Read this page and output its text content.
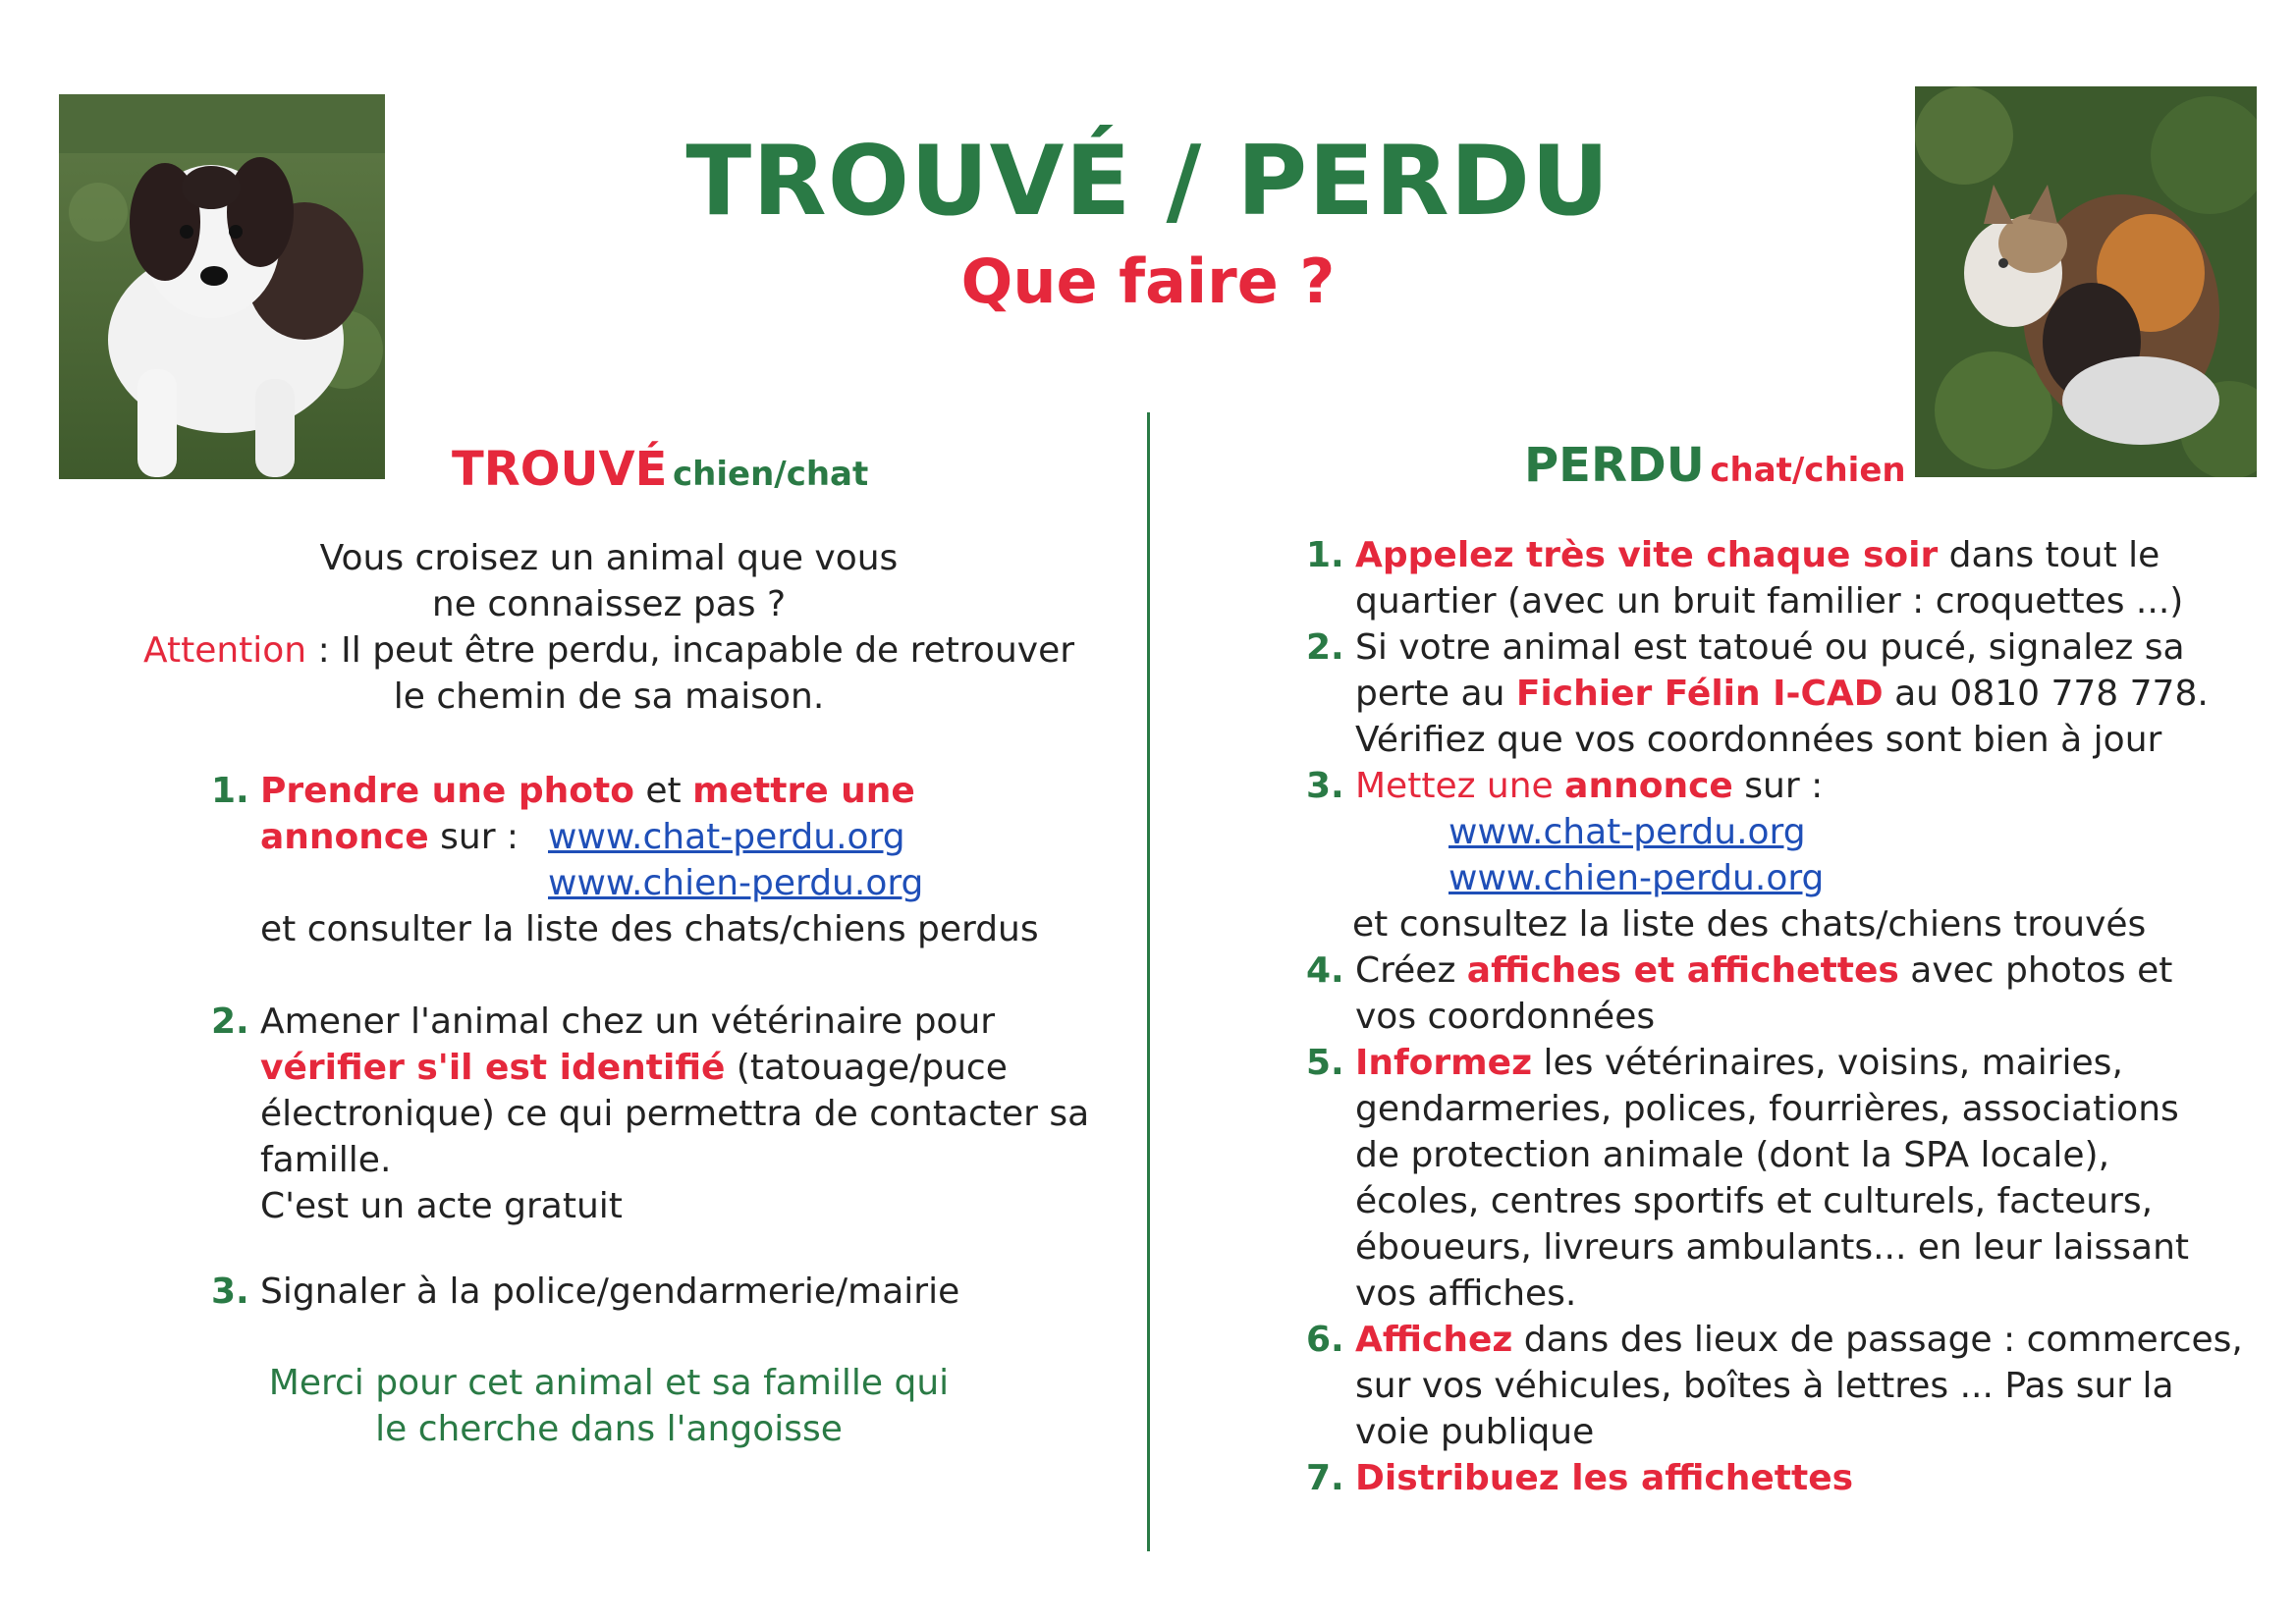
TROUVÉ / PERDU
Que faire ?
TROUVÉ chien/chat
Vous croisez un animal que vous
ne connaissez pas ?
Attention : Il peut être perdu, incapable de retrouver
le chemin de sa maison.
1. Prendre une photo et mettre une
annonce sur : www.chat-perdu.org
www.chien-perdu.org
et consulter la liste des chats/chiens perdus
2. Amener l'animal chez un vétérinaire pour
vérifier s'il est identifié (tatouage/puce
électronique) ce qui permettra de contacter sa
famille.
C'est un acte gratuit
3. Signaler à la police/gendarmerie/mairie
Merci pour cet animal et sa famille qui
le cherche dans l'angoisse
PERDU chat/chien
1. Appelez très vite chaque soir dans tout le
quartier (avec un bruit familier : croquettes ...)
2. Si votre animal est tatoué ou pucé, signalez sa
perte au Fichier Félin I-CAD au 0810 778 778.
Vérifiez que vos coordonnées sont bien à jour
3. Mettez une annonce sur :
www.chat-perdu.org
www.chien-perdu.org
et consultez la liste des chats/chiens trouvés
4. Créez affiches et affichettes avec photos et
vos coordonnées
5. Informez les vétérinaires, voisins, mairies,
gendarmeries, polices, fourrières, associations
de protection animale (dont la SPA locale),
écoles, centres sportifs et culturels, facteurs,
éboueurs, livreurs ambulants... en leur laissant
vos affiches.
6. Affichez dans des lieux de passage : commerces,
sur vos véhicules, boîtes à lettres ... Pas sur la
voie publique
7. Distribuez les affichettes
